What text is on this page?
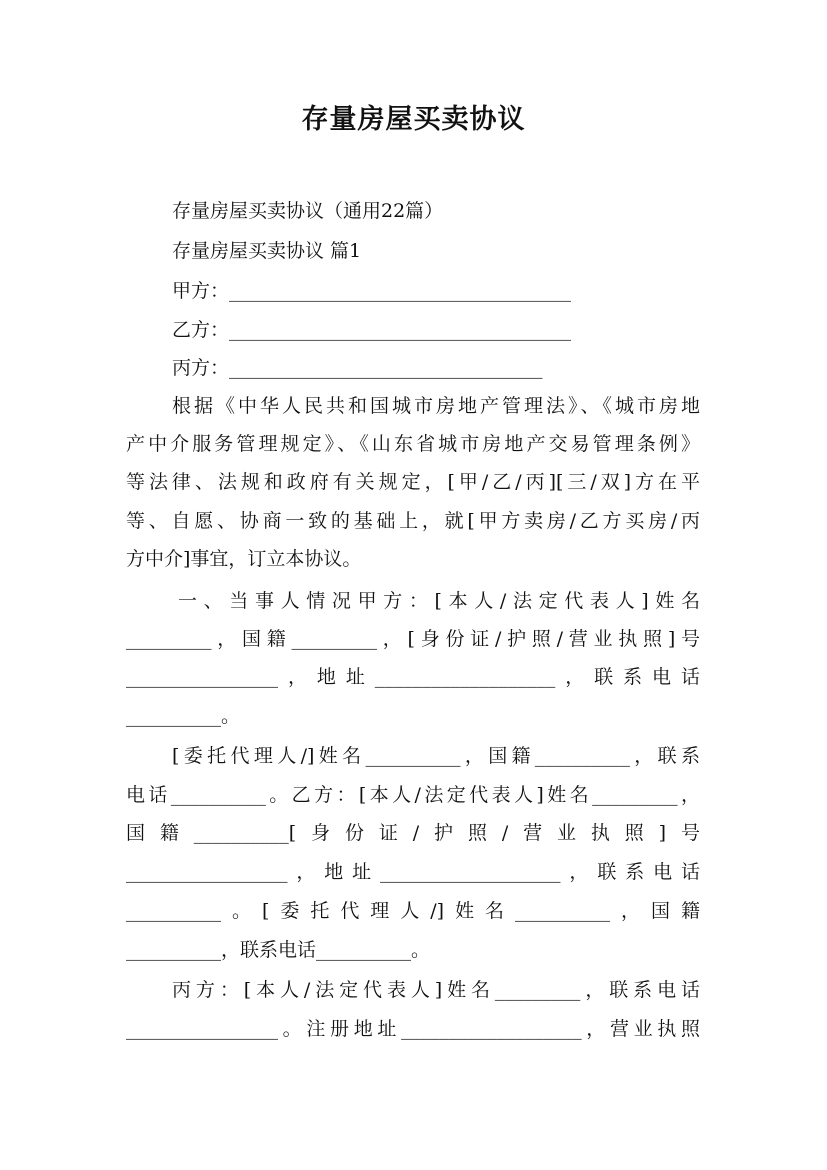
存量房屋买卖协议
存量房屋买卖协议（通用22篇）
存量房屋买卖协议 篇1
甲方：____________________________________
乙方：____________________________________
丙方：_________________________________
根据《中华人民共和国城市房地产管理法》、《城市房地
产中介服务管理规定》、《山东省城市房地产交易管理条例》
等法律、法规和政府有关规定，[甲/乙/丙][三/双]方在平
等、自愿、协商一致的基础上，就[甲方卖房/乙方买房/丙
方中介]事宜，订立本协议。
一、当事人情况甲方：[本人/法定代表人]姓名
_________，国籍_________，[身份证/护照/营业执照]号
________________，地址___________________，联系电话
__________。
[委托代理人/]姓名__________，国籍__________，联系
电话__________。乙方：[本人/法定代表人]姓名_________，
国籍__________[身份证/护照/营业执照]号
_________________，地址___________________，联系电话
__________。[委托代理人/]姓名__________，国籍
__________，联系电话__________。
丙方：[本人/法定代表人]姓名_________，联系电话
________________。注册地址___________________，营业执照
